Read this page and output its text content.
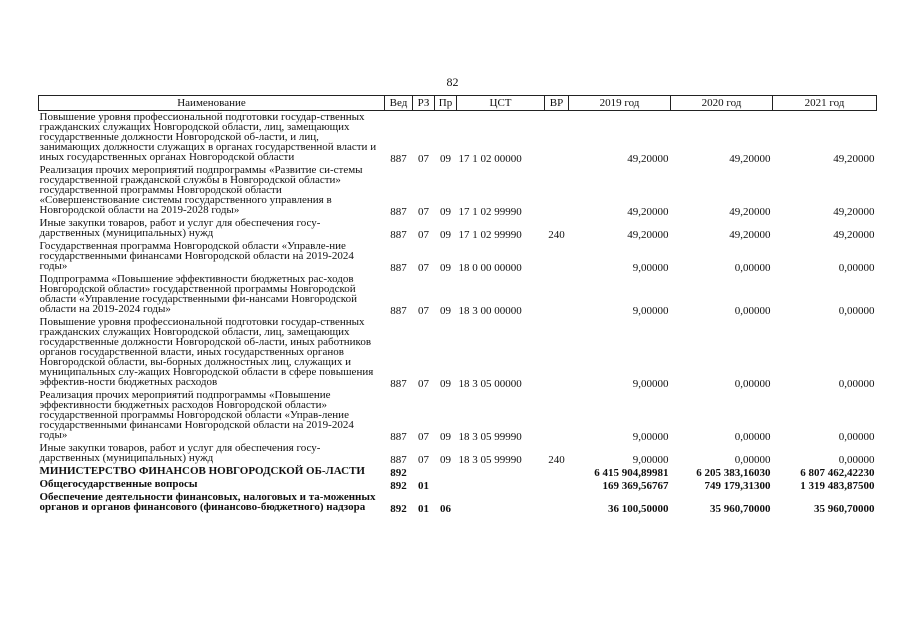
82
Наименование	Вед	РЗ	Пр	ЦСТ	ВР	2019 год	2020 год	2021 год
Повышение уровня профессиональной подготовки государ-ственных гражданских служащих Новгородской области, лиц, замещающих государственные должности Новгородской об-ласти, и лиц, занимающих должности служащих в органах государственной власти и иных государственных органах Новгородской области	887	07	09	17 1 02 00000		49,20000	49,20000	49,20000
Реализация прочих мероприятий подпрограммы «Развитие си-стемы государственной гражданской службы в Новгородской области» государственной программы Новгородской области «Совершенствование системы государственного управления в Новгородской области на 2019-2028 годы»	887	07	09	17 1 02 99990		49,20000	49,20000	49,20000
Иные закупки товаров, работ и услуг для обеспечения госу-дарственных (муниципальных) нужд	887	07	09	17 1 02 99990	240	49,20000	49,20000	49,20000
Государственная программа Новгородской области «Управле-ние государственными финансами Новгородской области на 2019-2024 годы»	887	07	09	18 0 00 00000		9,00000	0,00000	0,00000
Подпрограмма «Повышение эффективности бюджетных рас-ходов Новгородской области» государственной программы Новгородской области «Управление государственными фи-нансами Новгородской области на 2019-2024 годы»	887	07	09	18 3 00 00000		9,00000	0,00000	0,00000
Повышение уровня профессиональной подготовки государ-ственных гражданских служащих Новгородской области, лиц, замещающих государственные должности Новгородской об-ласти, иных работников органов государственной власти, иных государственных органов Новгородской области, вы-борных должностных лиц, служащих и муниципальных слу-жащих Новгородской области в сфере повышения эффектив-ности бюджетных расходов	887	07	09	18 3 05 00000		9,00000	0,00000	0,00000
Реализация прочих мероприятий подпрограммы «Повышение эффективности бюджетных расходов Новгородской области» государственной программы Новгородской области «Управ-ление государственными финансами Новгородской области на 2019-2024 годы»	887	07	09	18 3 05 99990		9,00000	0,00000	0,00000
Иные закупки товаров, работ и услуг для обеспечения госу-дарственных (муниципальных) нужд	887	07	09	18 3 05 99990	240	9,00000	0,00000	0,00000
МИНИСТЕРСТВО ФИНАНСОВ НОВГОРОДСКОЙ ОБ-ЛАСТИ	892					6 415 904,89981	6 205 383,16030	6 807 462,42230
Общегосударственные вопросы	892	01				169 369,56767	749 179,31300	1 319 483,87500
Обеспечение деятельности финансовых, налоговых и та-моженных органов и органов финансового (финансово-бюджетного) надзора	892	01	06			36 100,50000	35 960,70000	35 960,70000
